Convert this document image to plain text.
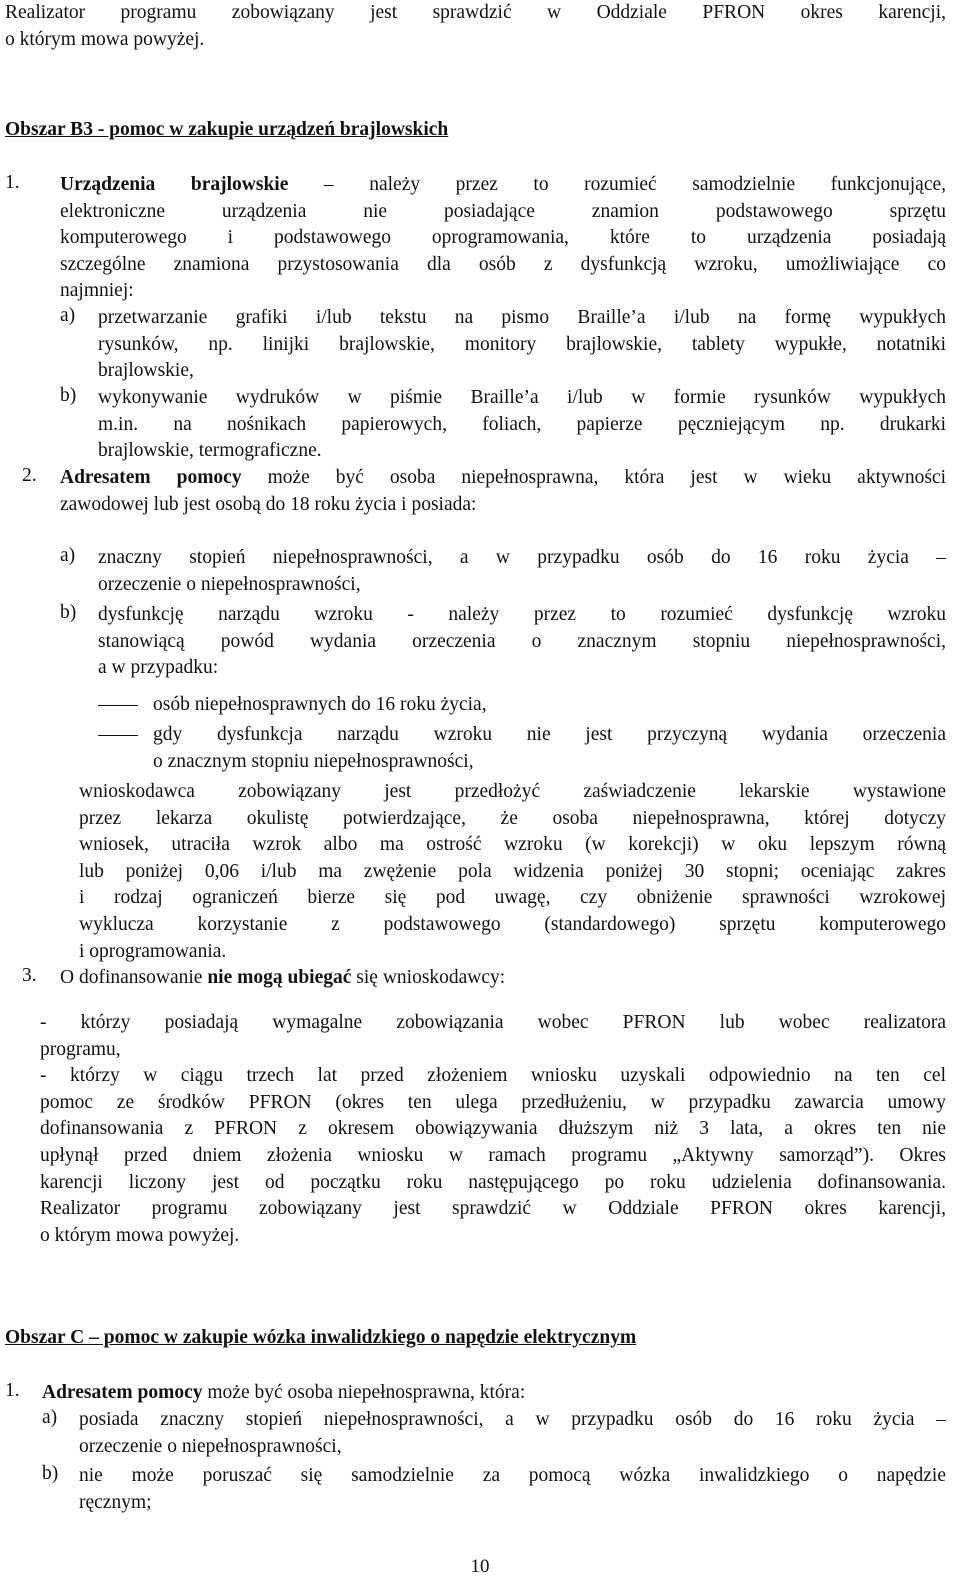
Realizator programu zobowiązany jest sprawdzić w Oddziale PFRON okres karencji,
o którym mowa powyżej.
Obszar B3 - pomoc w zakupie urządzeń brajlowskich
1. Urządzenia brajlowskie – należy przez to rozumieć samodzielnie funkcjonujące,
elektroniczne urządzenia nie posiadające znamion podstawowego sprzętu
komputerowego i podstawowego oprogramowania, które to urządzenia posiadają
szczególne znamiona przystosowania dla osób z dysfunkcją wzroku, umożliwiające co
najmniej:
a) przetwarzanie grafiki i/lub tekstu na pismo Braille’a i/lub na formę wypukłych
rysunków, np. linijki brajlowskie, monitory brajlowskie, tablety wypukłe, notatniki
brajlowskie,
b) wykonywanie wydruków w piśmie Braille’a i/lub w formie rysunków wypukłych
m.in. na nośnikach papierowych, foliach, papierze pęczniejącym np. drukarki
brajlowskie, termograficzne.
2. Adresatem pomocy może być osoba niepełnosprawna, która jest w wieku aktywności
zawodowej lub jest osobą do 18 roku życia i posiada:
a) znaczny stopień niepełnosprawności, a w przypadku osób do 16 roku życia –
orzeczenie o niepełnosprawności,
b) dysfunkcję narządu wzroku - należy przez to rozumieć dysfunkcję wzroku
stanowiącą powód wydania orzeczenia o znacznym stopniu niepełnosprawności,
a w przypadku:
osób niepełnosprawnych do 16 roku życia,
gdy dysfunkcja narządu wzroku nie jest przyczyną wydania orzeczenia
o znacznym stopniu niepełnosprawności,
wnioskodawca zobowiązany jest przedłożyć zaświadczenie lekarskie wystawione
przez lekarza okulistę potwierdzające, że osoba niepełnosprawna, której dotyczy
wniosek, utraciła wzrok albo ma ostrość wzroku (w korekcji) w oku lepszym równą
lub poniżej 0,06 i/lub ma zwężenie pola widzenia poniżej 30 stopni; oceniając zakres
i rodzaj ograniczeń bierze się pod uwagę, czy obniżenie sprawności wzrokowej
wyklucza korzystanie z podstawowego (standardowego) sprzętu komputerowego
i oprogramowania.
3. O dofinansowanie nie mogą ubiegać się wnioskodawcy:
- którzy posiadają wymagalne zobowiązania wobec PFRON lub wobec realizatora
programu,
- którzy w ciągu trzech lat przed złożeniem wniosku uzyskali odpowiednio na ten cel
pomoc ze środków PFRON (okres ten ulega przedłużeniu, w przypadku zawarcia umowy
dofinansowania z PFRON z okresem obowiązywania dłuższym niż 3 lata, a okres ten nie
upłynął przed dniem złożenia wniosku w ramach programu „Aktywny samorząd”). Okres
karencji liczony jest od początku roku następującego po roku udzielenia dofinansowania.
Realizator programu zobowiązany jest sprawdzić w Oddziale PFRON okres karencji,
o którym mowa powyżej.
Obszar C – pomoc w zakupie wózka inwalidzkiego o napędzie elektrycznym
1. Adresatem pomocy może być osoba niepełnosprawna, która:
a) posiada znaczny stopień niepełnosprawności, a w przypadku osób do 16 roku życia –
orzeczenie o niepełnosprawności,
b) nie może poruszać się samodzielnie za pomocą wózka inwalidzkiego o napędzie
ręcznym;
10
